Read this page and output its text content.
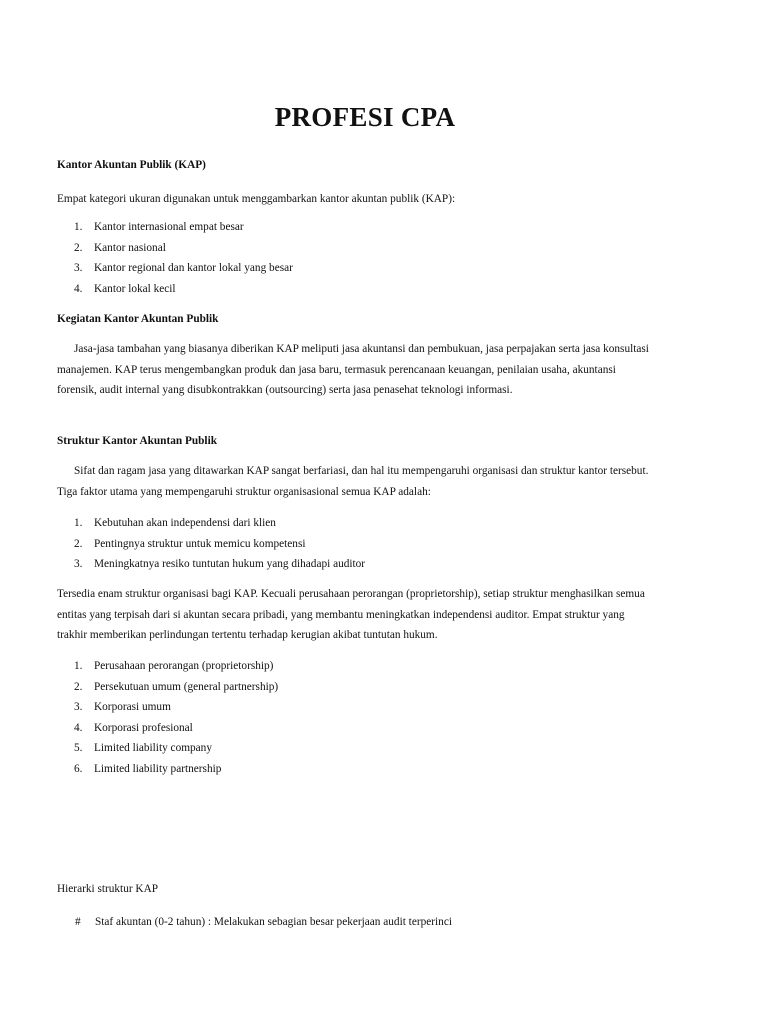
PROFESI CPA
Kantor Akuntan Publik (KAP)
Empat kategori ukuran digunakan untuk menggambarkan kantor akuntan publik (KAP):
1. Kantor internasional empat besar
2. Kantor nasional
3. Kantor regional dan kantor lokal yang besar
4. Kantor lokal kecil
Kegiatan Kantor Akuntan Publik
Jasa-jasa tambahan yang biasanya diberikan KAP meliputi jasa akuntansi dan pembukuan, jasa perpajakan serta jasa konsultasi manajemen. KAP terus mengembangkan produk dan jasa baru, termasuk perencanaan keuangan, penilaian usaha, akuntansi forensik, audit internal yang disubkontrakkan (outsourcing) serta jasa penasehat teknologi informasi.
Struktur Kantor Akuntan Publik
Sifat dan ragam jasa yang ditawarkan KAP sangat berfariasi, dan hal itu mempengaruhi organisasi dan struktur kantor tersebut. Tiga faktor utama yang mempengaruhi struktur organisasional semua KAP adalah:
1. Kebutuhan akan independensi dari klien
2. Pentingnya struktur untuk memicu kompetensi
3. Meningkatnya resiko tuntutan hukum yang dihadapi auditor
Tersedia enam struktur organisasi bagi KAP. Kecuali perusahaan perorangan (proprietorship), setiap struktur menghasilkan semua entitas yang terpisah dari si akuntan secara pribadi, yang membantu meningkatkan independensi auditor. Empat struktur yang trakhir memberikan perlindungan tertentu terhadap kerugian akibat tuntutan hukum.
1. Perusahaan perorangan (proprietorship)
2. Persekutuan umum (general partnership)
3. Korporasi umum
4. Korporasi profesional
5. Limited liability company
6. Limited liability partnership
Hierarki struktur KAP
# Staf akuntan (0-2 tahun) : Melakukan sebagian besar pekerjaan audit terperinci
